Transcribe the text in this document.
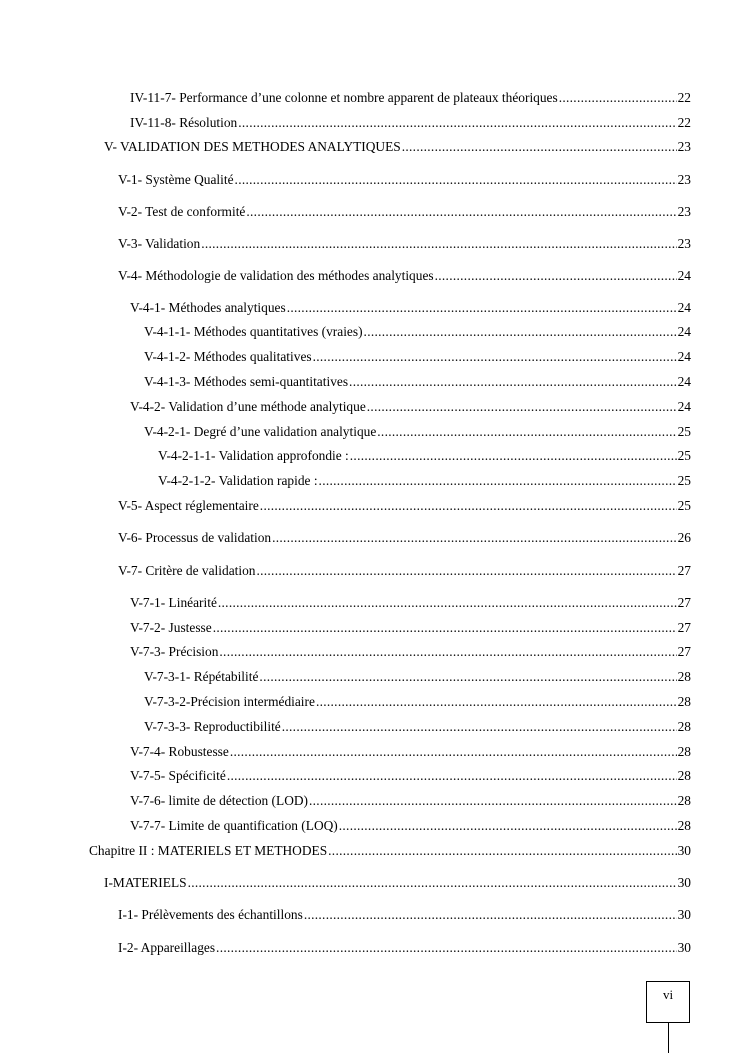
IV-11-7- Performance d’une colonne et nombre apparent de plateaux théoriques .....	22
IV-11-8- Résolution .....	22
V- VALIDATION DES METHODES ANALYTIQUES .....	23
V-1- Système Qualité .....	23
V-2- Test de conformité .....	23
V-3- Validation .....	23
V-4- Méthodologie de validation des méthodes analytiques .....	24
V-4-1- Méthodes analytiques .....	24
V-4-1-1- Méthodes quantitatives (vraies) .....	24
V-4-1-2- Méthodes qualitatives .....	24
V-4-1-3- Méthodes semi-quantitatives .....	24
V-4-2- Validation d’une méthode analytique .....	24
V-4-2-1- Degré d’une validation analytique .....	25
V-4-2-1-1- Validation approfondie : .....	25
V-4-2-1-2- Validation rapide : .....	25
V-5- Aspect réglementaire .....	25
V-6- Processus de validation .....	26
V-7- Critère de validation .....	27
V-7-1- Linéarité .....	27
V-7-2- Justesse .....	27
V-7-3- Précision .....	27
V-7-3-1- Répétabilité .....	28
V-7-3-2-Précision intermédiaire .....	28
V-7-3-3- Reproductibilité .....	28
V-7-4- Robustesse .....	28
V-7-5- Spécificité .....	28
V-7-6- limite de détection (LOD) .....	28
V-7-7- Limite de quantification (LOQ) .....	28
Chapitre II : MATERIELS ET METHODES .....	30
I-MATERIELS .....	30
I-1- Prélèvements des échantillons .....	30
I-2- Appareillages .....	30
vi
